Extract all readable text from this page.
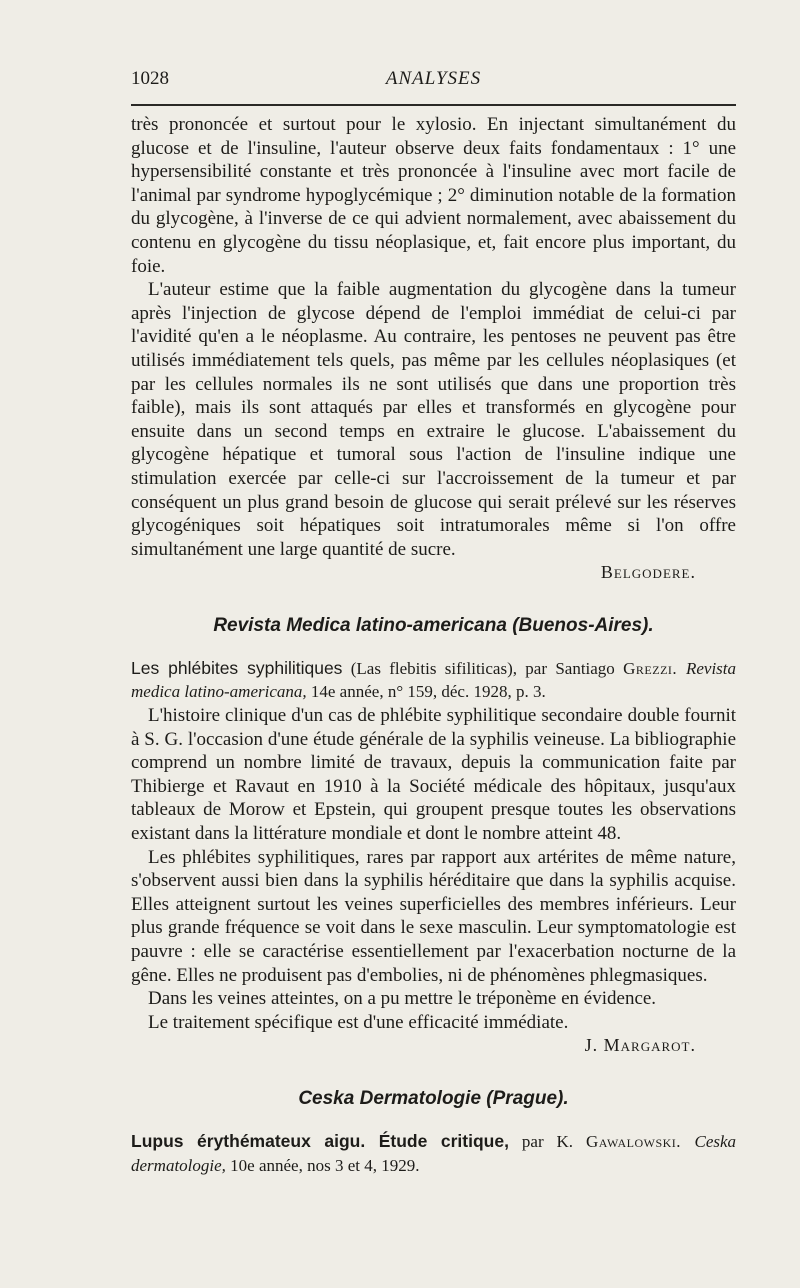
1028	ANALYSES

très prononcée et surtout pour le xylosio. En injectant simultanément du glucose et de l'insuline, l'auteur observe deux faits fondamentaux : 1° une hypersensibilité constante et très prononcée à l'insuline avec mort facile de l'animal par syndrome hypoglycémique ; 2° diminution notable de la formation du glycogène, à l'inverse de ce qui advient normalement, avec abaissement du contenu en glycogène du tissu néoplasique, et, fait encore plus important, du foie.

L'auteur estime que la faible augmentation du glycogène dans la tumeur après l'injection de glycose dépend de l'emploi immédiat de celui-ci par l'avidité qu'en a le néoplasme. Au contraire, les pentoses ne peuvent pas être utilisés immédiatement tels quels, pas même par les cellules néoplasiques (et par les cellules normales ils ne sont utilisés que dans une proportion très faible), mais ils sont attaqués par elles et transformés en glycogène pour ensuite dans un second temps en extraire le glucose. L'abaissement du glycogène hépatique et tumoral sous l'action de l'insuline indique une stimulation exercée par celle-ci sur l'accroissement de la tumeur et par conséquent un plus grand besoin de glucose qui serait prélevé sur les réserves glycogéniques soit hépatiques soit intratumorales même si l'on offre simultanément une large quantité de sucre.

Belgodere.
Revista Medica latino-americana (Buenos-Aires).

Les phlébites syphilitiques (Las flebitis sifiliticas), par Santiago Grezzi. Revista medica latino-americana, 14e année, n° 159, déc. 1928, p. 3.

L'histoire clinique d'un cas de phlébite syphilitique secondaire double fournit à S. G. l'occasion d'une étude générale de la syphilis veineuse. La bibliographie comprend un nombre limité de travaux, depuis la communication faite par Thibierge et Ravaut en 1910 à la Société médicale des hôpitaux, jusqu'aux tableaux de Morow et Epstein, qui groupent presque toutes les observations existant dans la littérature mondiale et dont le nombre atteint 48.

Les phlébites syphilitiques, rares par rapport aux artérites de même nature, s'observent aussi bien dans la syphilis héréditaire que dans la syphilis acquise. Elles atteignent surtout les veines superficielles des membres inférieurs. Leur plus grande fréquence se voit dans le sexe masculin. Leur symptomatologie est pauvre : elle se caractérise essentiellement par l'exacerbation nocturne de la gêne. Elles ne produisent pas d'embolies, ni de phénomènes phlegmasiques.

Dans les veines atteintes, on a pu mettre le tréponème en évidence.

Le traitement spécifique est d'une efficacité immédiate.

J. Margarot.
Ceska Dermatologie (Prague).

Lupus érythémateux aigu. Étude critique, par K. Gawalowski. Ceska dermatologie, 10e année, nos 3 et 4, 1929.
